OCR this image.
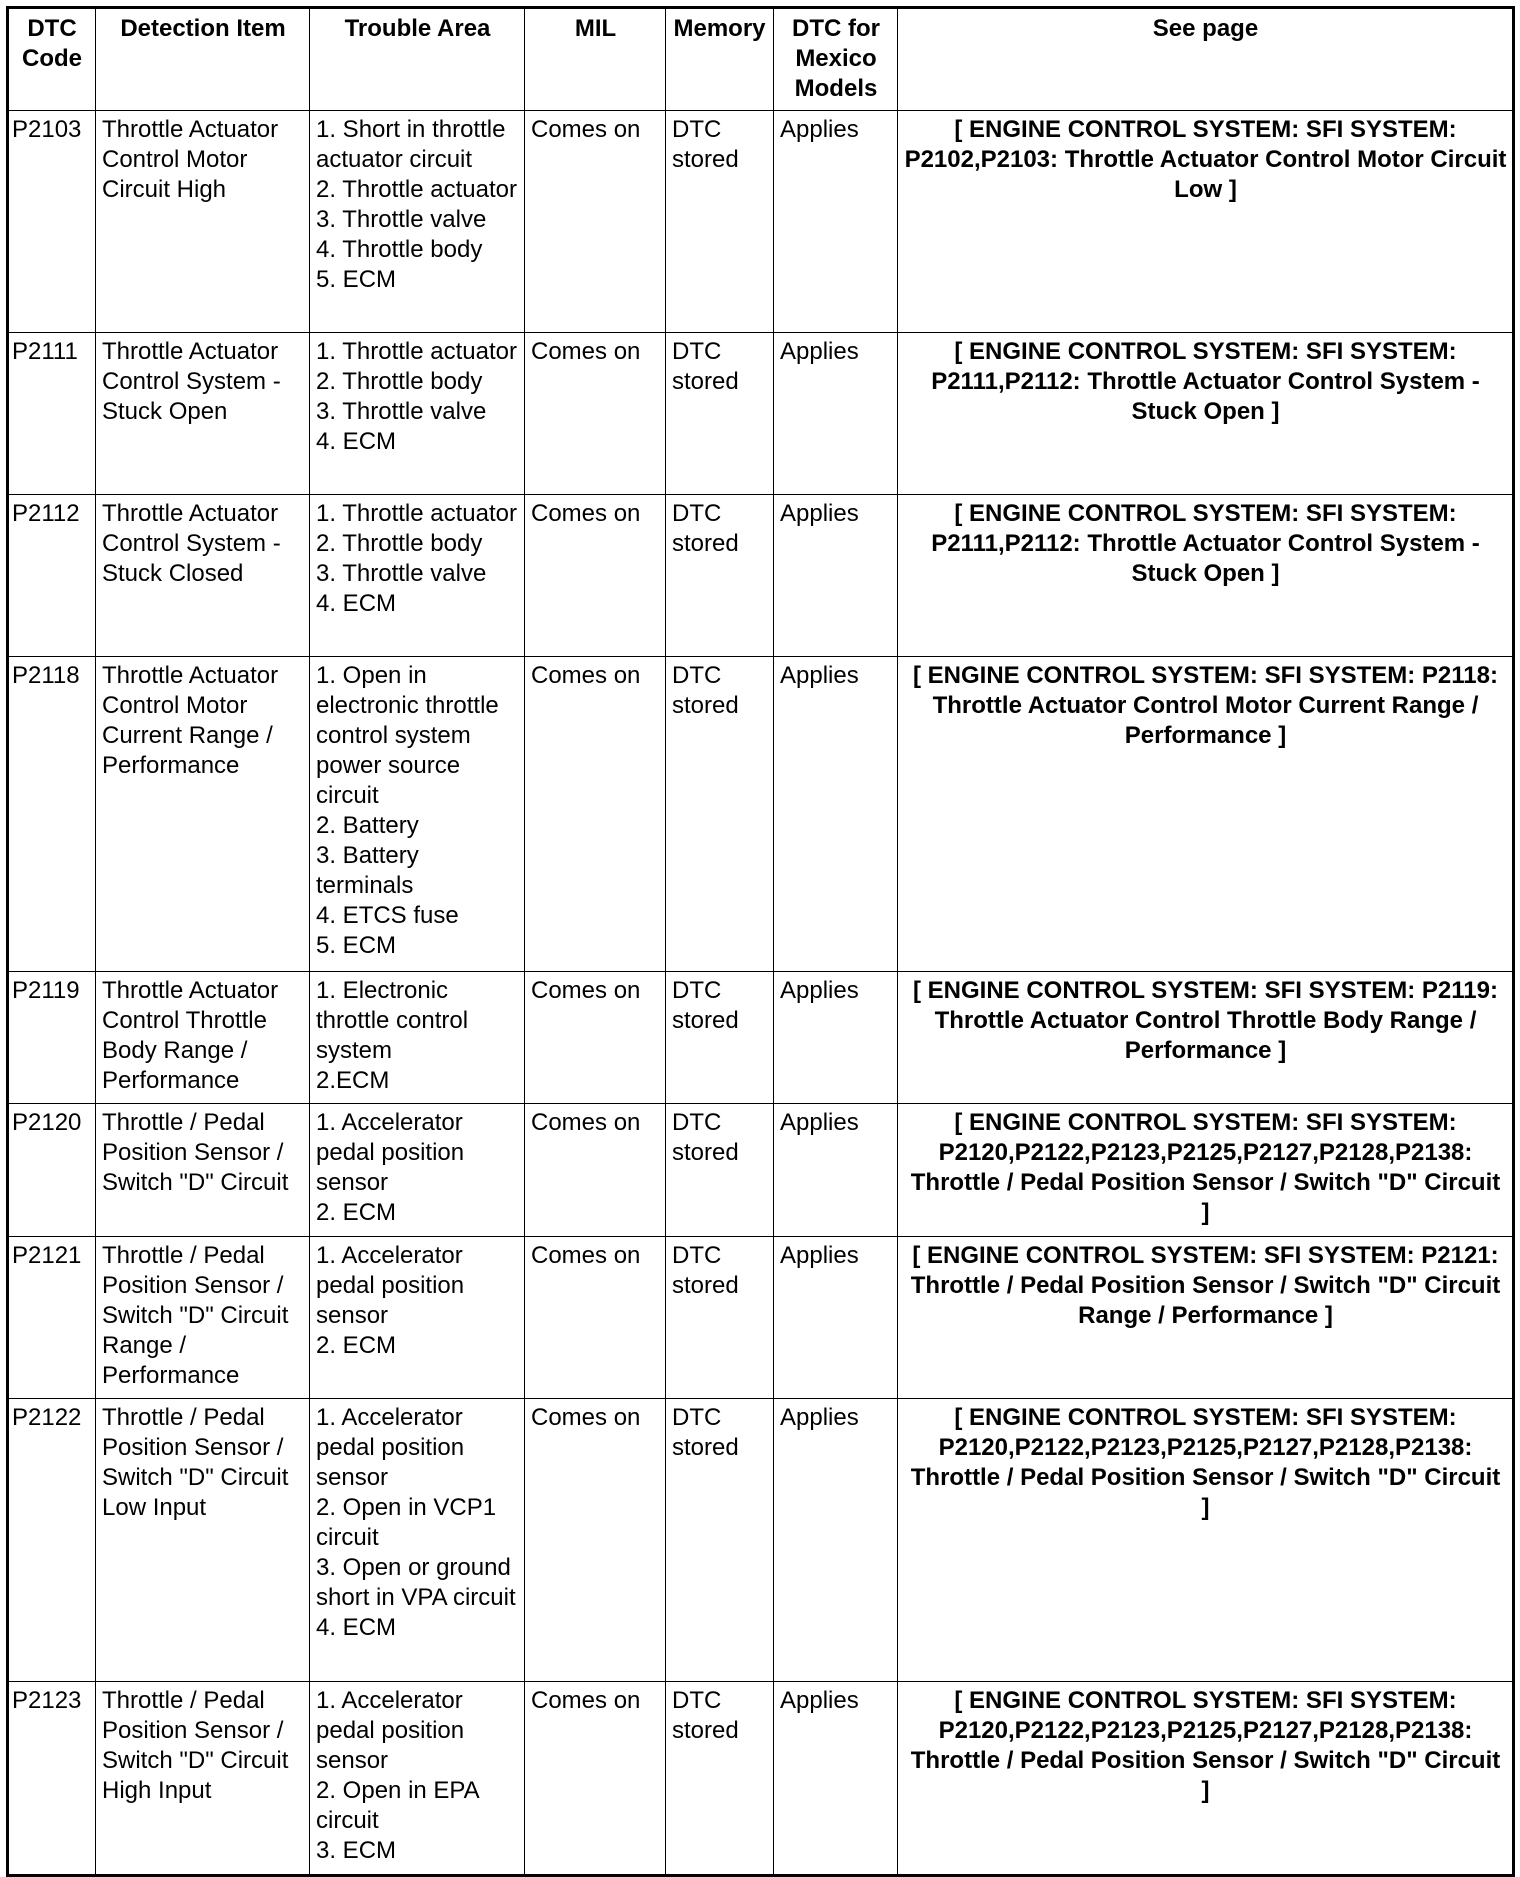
DTC Code	Detection Item	Trouble Area	MIL	Memory	DTC for Mexico Models	See page
P2103	Throttle Actuator Control Motor Circuit High	1. Short in throttle actuator circuit
2. Throttle actuator
3. Throttle valve
4. Throttle body
5. ECM	Comes on	DTC stored	Applies	[ ENGINE CONTROL SYSTEM: SFI SYSTEM: P2102,P2103: Throttle Actuator Control Motor Circuit Low ]
P2111	Throttle Actuator Control System - Stuck Open	1. Throttle actuator
2. Throttle body
3. Throttle valve
4. ECM	Comes on	DTC stored	Applies	[ ENGINE CONTROL SYSTEM: SFI SYSTEM: P2111,P2112: Throttle Actuator Control System - Stuck Open ]
P2112	Throttle Actuator Control System - Stuck Closed	1. Throttle actuator
2. Throttle body
3. Throttle valve
4. ECM	Comes on	DTC stored	Applies	[ ENGINE CONTROL SYSTEM: SFI SYSTEM: P2111,P2112: Throttle Actuator Control System - Stuck Open ]
P2118	Throttle Actuator Control Motor Current Range / Performance	1. Open in electronic throttle control system power source circuit
2. Battery
3. Battery terminals
4. ETCS fuse
5. ECM	Comes on	DTC stored	Applies	[ ENGINE CONTROL SYSTEM: SFI SYSTEM: P2118: Throttle Actuator Control Motor Current Range / Performance ]
P2119	Throttle Actuator Control Throttle Body Range / Performance	1. Electronic throttle control system
2.ECM	Comes on	DTC stored	Applies	[ ENGINE CONTROL SYSTEM: SFI SYSTEM: P2119: Throttle Actuator Control Throttle Body Range / Performance ]
P2120	Throttle / Pedal Position Sensor / Switch "D" Circuit	1. Accelerator pedal position sensor
2. ECM	Comes on	DTC stored	Applies	[ ENGINE CONTROL SYSTEM: SFI SYSTEM: P2120,P2122,P2123,P2125,P2127,P2128,P2138: Throttle / Pedal Position Sensor / Switch "D" Circuit ]
P2121	Throttle / Pedal Position Sensor / Switch "D" Circuit Range / Performance	1. Accelerator pedal position sensor
2. ECM	Comes on	DTC stored	Applies	[ ENGINE CONTROL SYSTEM: SFI SYSTEM: P2121: Throttle / Pedal Position Sensor / Switch "D" Circuit Range / Performance ]
P2122	Throttle / Pedal Position Sensor / Switch "D" Circuit Low Input	1. Accelerator pedal position sensor
2. Open in VCP1 circuit
3. Open or ground short in VPA circuit
4. ECM	Comes on	DTC stored	Applies	[ ENGINE CONTROL SYSTEM: SFI SYSTEM: P2120,P2122,P2123,P2125,P2127,P2128,P2138: Throttle / Pedal Position Sensor / Switch "D" Circuit ]
P2123	Throttle / Pedal Position Sensor / Switch "D" Circuit High Input	1. Accelerator pedal position sensor
2. Open in EPA circuit
3. ECM	Comes on	DTC stored	Applies	[ ENGINE CONTROL SYSTEM: SFI SYSTEM: P2120,P2122,P2123,P2125,P2127,P2128,P2138: Throttle / Pedal Position Sensor / Switch "D" Circuit ]
